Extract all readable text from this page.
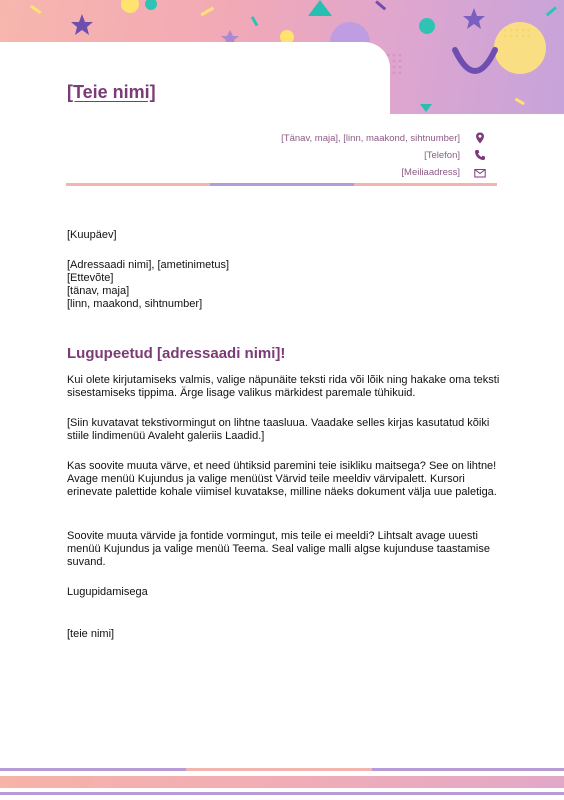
[Teie nimi]
[Tänav, maja], [linn, maakond, sihtnumber]
[Telefon]
[Meiliaadress]
[Kuupäev]
[Adressaadi nimi], [ametinimetus]
[Ettevõte]
[tänav, maja]
[linn, maakond, sihtnumber]
Lugupeetud [adressaadi nimi]!
Kui olete kirjutamiseks valmis, valige näpunäite teksti rida või lõik ning hakake oma teksti sisestamiseks tippima. Ärge lisage valikus märkidest paremale tühikuid.
[Siin kuvatavat tekstivormingut on lihtne taasluua. Vaadake selles kirjas kasutatud kõiki stiile lindimenüü Avaleht galeriis Laadid.]
Kas soovite muuta värve, et need ühtiksid paremini teie isikliku maitsega? See on lihtne! Avage menüü Kujundus ja valige menüüst Värvid teile meeldiv värvipalett. Kursori erinevate palettide kohale viimisel kuvatakse, milline näeks dokument välja uue paletiga.
Soovite muuta värvide ja fontide vormingut, mis teile ei meeldi? Lihtsalt avage uuesti menüü Kujundus ja valige menüü Teema. Seal valige malli algse kujunduse taastamise suvand.
Lugupidamisega
[teie nimi]
